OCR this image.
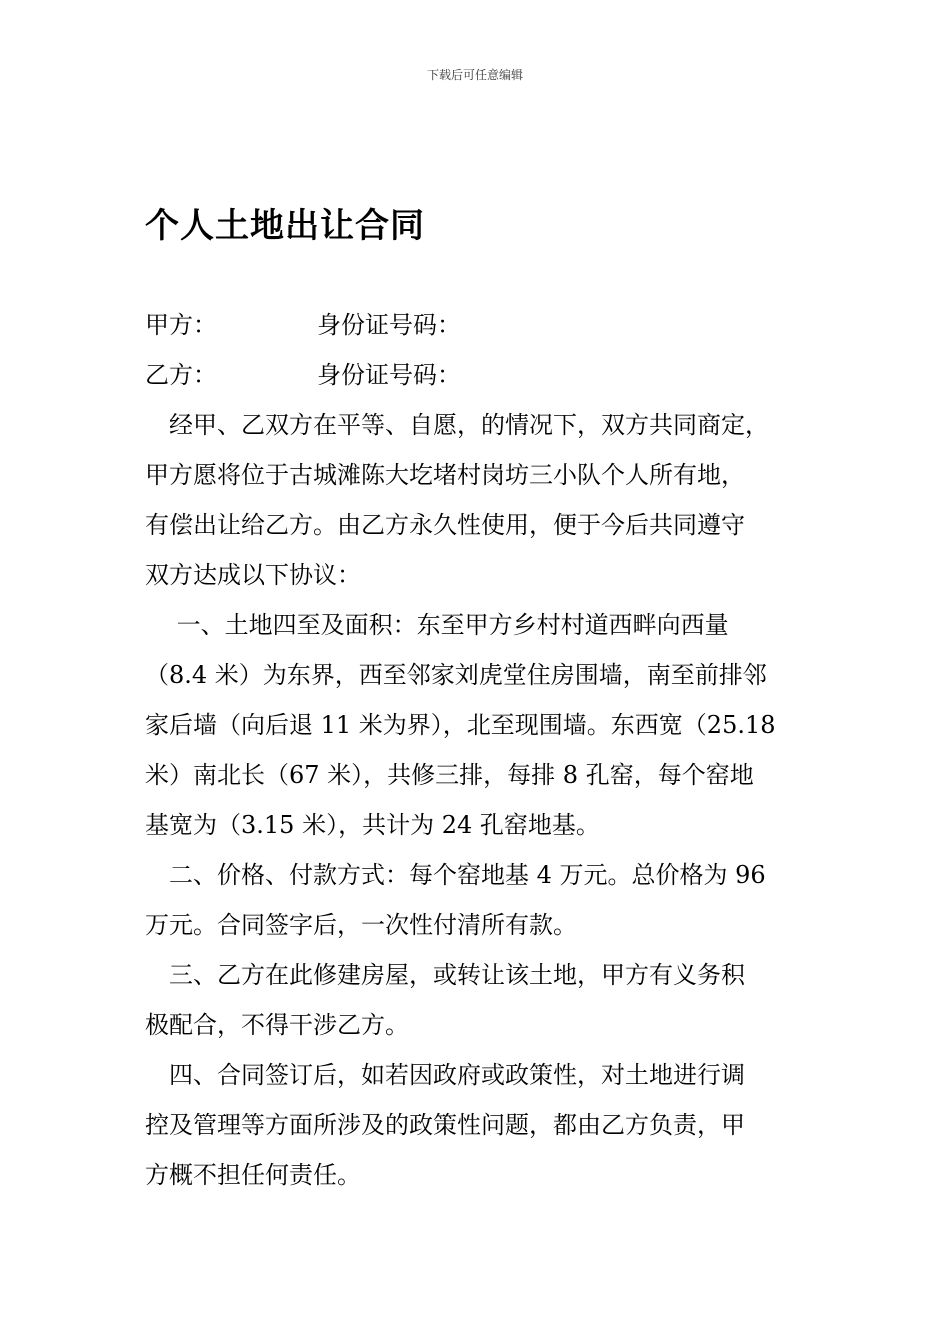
下载后可任意编辑
个人土地出让合同
甲方：	身份证号码：
乙方：	身份证号码：
　经甲、乙双方在平等、自愿，的情况下，双方共同商定，
甲方愿将位于古城滩陈大圪堵村岗坊三小队个人所有地，
有偿出让给乙方。由乙方永久性使用，便于今后共同遵守
双方达成以下协议：
　 一、土地四至及面积：东至甲方乡村村道西畔向西量
（8.4 米）为东界，西至邻家刘虎堂住房围墙，南至前排邻
家后墙（向后退 11 米为界），北至现围墙。东西宽（25.18
米）南北长（67 米），共修三排，每排 8 孔窑，每个窑地
基宽为（3.15 米），共计为 24 孔窑地基。
　二、价格、付款方式：每个窑地基 4 万元。总价格为 96
万元。合同签字后，一次性付清所有款。
　三、乙方在此修建房屋，或转让该土地，甲方有义务积
极配合，不得干涉乙方。
　四、合同签订后，如若因政府或政策性，对土地进行调
控及管理等方面所涉及的政策性问题，都由乙方负责，甲
方概不担任何责任。
